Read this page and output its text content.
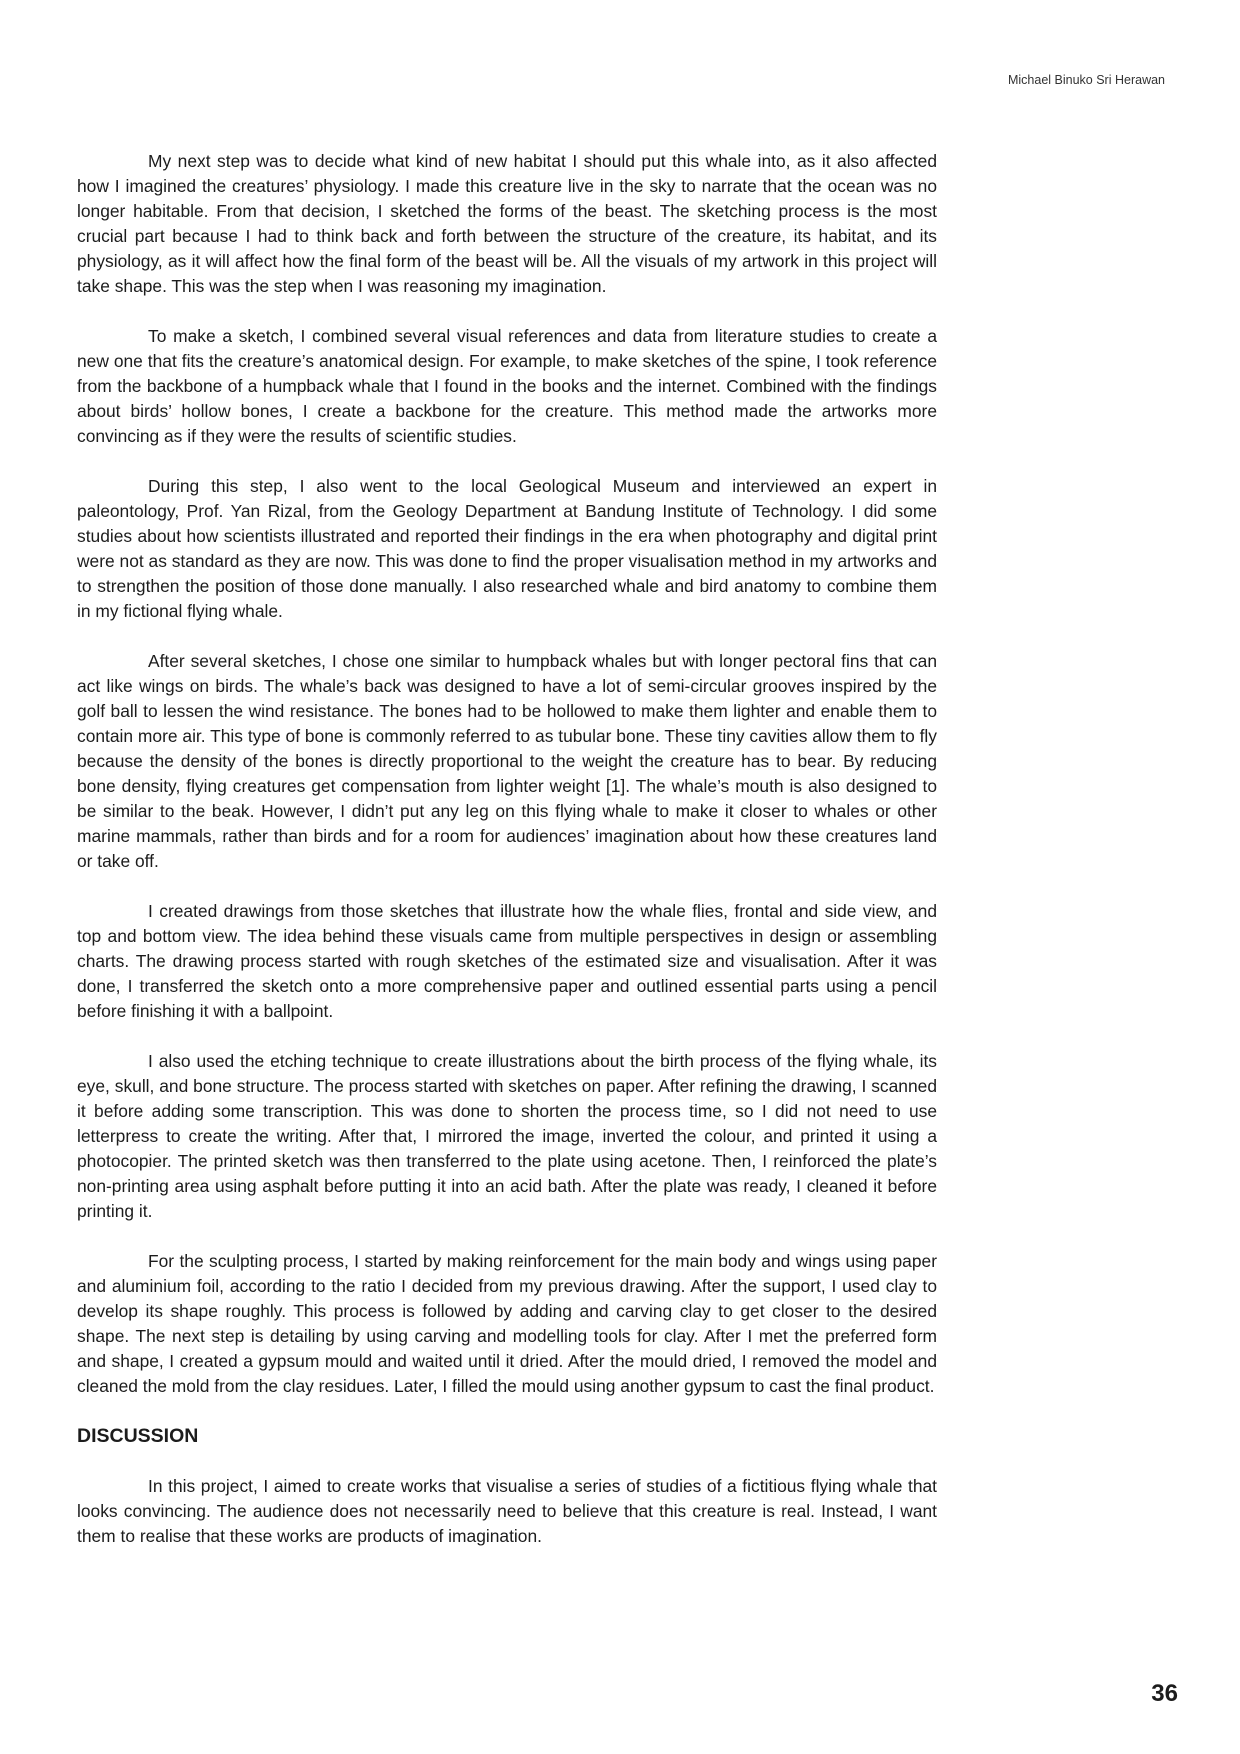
Michael Binuko Sri Herawan

My next step was to decide what kind of new habitat I should put this whale into, as it also affected how I imagined the creatures’ physiology. I made this creature live in the sky to narrate that the ocean was no longer habitable. From that decision, I sketched the forms of the beast. The sketching process is the most crucial part because I had to think back and forth between the structure of the creature, its habitat, and its physiology, as it will affect how the final form of the beast will be. All the visuals of my artwork in this project will take shape. This was the step when I was reasoning my imagination.

To make a sketch, I combined several visual references and data from literature studies to create a new one that fits the creature’s anatomical design. For example, to make sketches of the spine, I took reference from the backbone of a humpback whale that I found in the books and the internet. Combined with the findings about birds’ hollow bones, I create a backbone for the creature. This method made the artworks more convincing as if they were the results of scientific studies.

During this step, I also went to the local Geological Museum and interviewed an expert in paleontology, Prof. Yan Rizal, from the Geology Department at Bandung Institute of Technology. I did some studies about how scientists illustrated and reported their findings in the era when photography and digital print were not as standard as they are now. This was done to find the proper visualisation method in my artworks and to strengthen the position of those done manually. I also researched whale and bird anatomy to combine them in my fictional flying whale.

After several sketches, I chose one similar to humpback whales but with longer pectoral fins that can act like wings on birds. The whale’s back was designed to have a lot of semi-circular grooves inspired by the golf ball to lessen the wind resistance. The bones had to be hollowed to make them lighter and enable them to contain more air. This type of bone is commonly referred to as tubular bone. These tiny cavities allow them to fly because the density of the bones is directly proportional to the weight the creature has to bear. By reducing bone density, flying creatures get compensation from lighter weight [1]. The whale’s mouth is also designed to be similar to the beak. However, I didn’t put any leg on this flying whale to make it closer to whales or other marine mammals, rather than birds and for a room for audiences’ imagination about how these creatures land or take off.

I created drawings from those sketches that illustrate how the whale flies, frontal and side view, and top and bottom view. The idea behind these visuals came from multiple perspectives in design or assembling charts. The drawing process started with rough sketches of the estimated size and visualisation. After it was done, I transferred the sketch onto a more comprehensive paper and outlined essential parts using a pencil before finishing it with a ballpoint.

I also used the etching technique to create illustrations about the birth process of the flying whale, its eye, skull, and bone structure. The process started with sketches on paper. After refining the drawing, I scanned it before adding some transcription. This was done to shorten the process time, so I did not need to use letterpress to create the writing. After that, I mirrored the image, inverted the colour, and printed it using a photocopier. The printed sketch was then transferred to the plate using acetone. Then, I reinforced the plate’s non-printing area using asphalt before putting it into an acid bath. After the plate was ready, I cleaned it before printing it.

For the sculpting process, I started by making reinforcement for the main body and wings using paper and aluminium foil, according to the ratio I decided from my previous drawing. After the support, I used clay to develop its shape roughly. This process is followed by adding and carving clay to get closer to the desired shape. The next step is detailing by using carving and modelling tools for clay. After I met the preferred form and shape, I created a gypsum mould and waited until it dried. After the mould dried, I removed the model and cleaned the mold from the clay residues. Later, I filled the mould using another gypsum to cast the final product.

DISCUSSION

In this project, I aimed to create works that visualise a series of studies of a fictitious flying whale that looks convincing. The audience does not necessarily need to believe that this creature is real. Instead, I want them to realise that these works are products of imagination.

36
